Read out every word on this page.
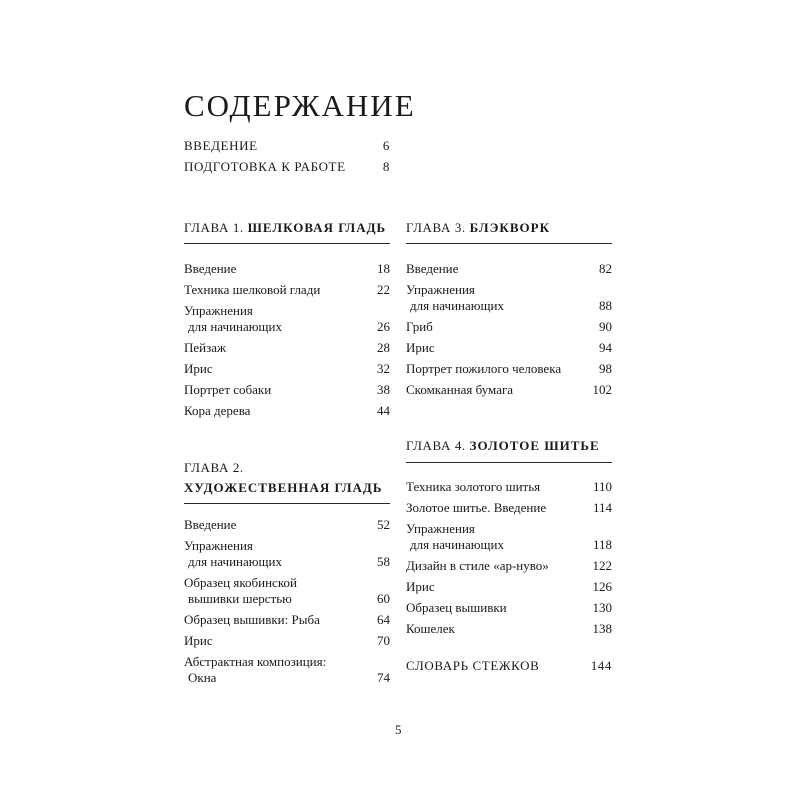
СОДЕРЖАНИЕ
ВВЕДЕНИЕ	6
ПОДГОТОВКА К РАБОТЕ	8
ГЛАВА 1. ШЕЛКОВАЯ ГЛАДЬ
Введение	18
Техника шелковой глади	22
Упражнения
для начинающих	26
Пейзаж	28
Ирис	32
Портрет собаки	38
Кора дерева	44
ГЛАВА 2.
ХУДОЖЕСТВЕННАЯ ГЛАДЬ
Введение	52
Упражнения
для начинающих	58
Образец якобинской
вышивки шерстью	60
Образец вышивки: Рыба	64
Ирис	70
Абстрактная композиция:
Окна	74
ГЛАВА 3. БЛЭКВОРК
Введение	82
Упражнения
для начинающих	88
Гриб	90
Ирис	94
Портрет пожилого человека	98
Скомканная бумага	102
ГЛАВА 4. ЗОЛОТОЕ ШИТЬЕ
Техника золотого шитья	110
Золотое шитье. Введение	114
Упражнения
для начинающих	118
Дизайн в стиле «ар-нуво»	122
Ирис	126
Образец вышивки	130
Кошелек	138
СЛОВАРЬ СТЕЖКОВ	144
5
